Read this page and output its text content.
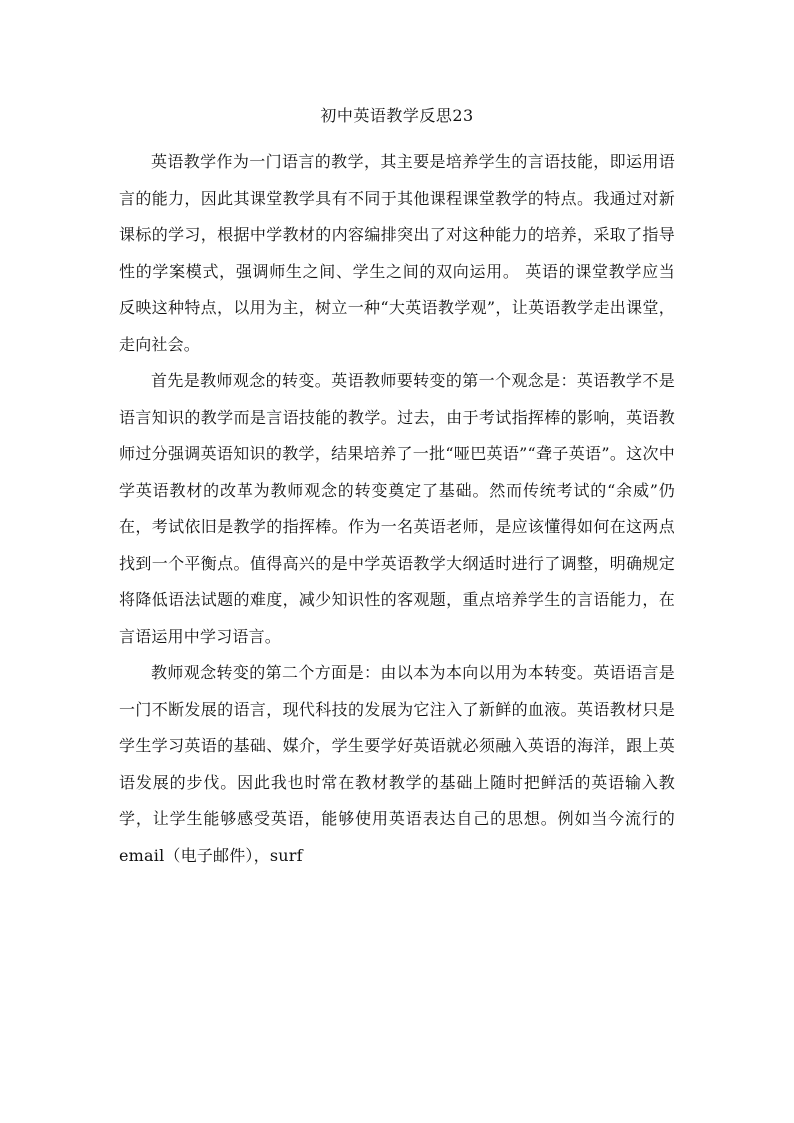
初中英语教学反思23

英语教学作为一门语言的教学，其主要是培养学生的言语技能，即运用语言的能力，因此其课堂教学具有不同于其他课程课堂教学的特点。我通过对新课标的学习，根据中学教材的内容编排突出了对这种能力的培养，采取了指导性的学案模式，强调师生之间、学生之间的双向运用。 英语的课堂教学应当反映这种特点，以用为主，树立一种“大英语教学观”，让英语教学走出课堂，走向社会。

首先是教师观念的转变。英语教师要转变的第一个观念是：英语教学不是语言知识的教学而是言语技能的教学。过去，由于考试指挥棒的影响，英语教师过分强调英语知识的教学，结果培养了一批“哑巴英语”“聋子英语”。这次中学英语教材的改革为教师观念的转变奠定了基础。然而传统考试的“余威”仍在，考试依旧是教学的指挥棒。作为一名英语老师，是应该懂得如何在这两点找到一个平衡点。值得高兴的是中学英语教学大纲适时进行了调整，明确规定将降低语法试题的难度，减少知识性的客观题，重点培养学生的言语能力，在言语运用中学习语言。

教师观念转变的第二个方面是：由以本为本向以用为本转变。英语语言是一门不断发展的语言，现代科技的发展为它注入了新鲜的血液。英语教材只是学生学习英语的基础、媒介，学生要学好英语就必须融入英语的海洋，跟上英语发展的步伐。因此我也时常在教材教学的基础上随时把鲜活的英语输入教学，让学生能够感受英语，能够使用英语表达自己的思想。例如当今流行的email（电子邮件），surf
